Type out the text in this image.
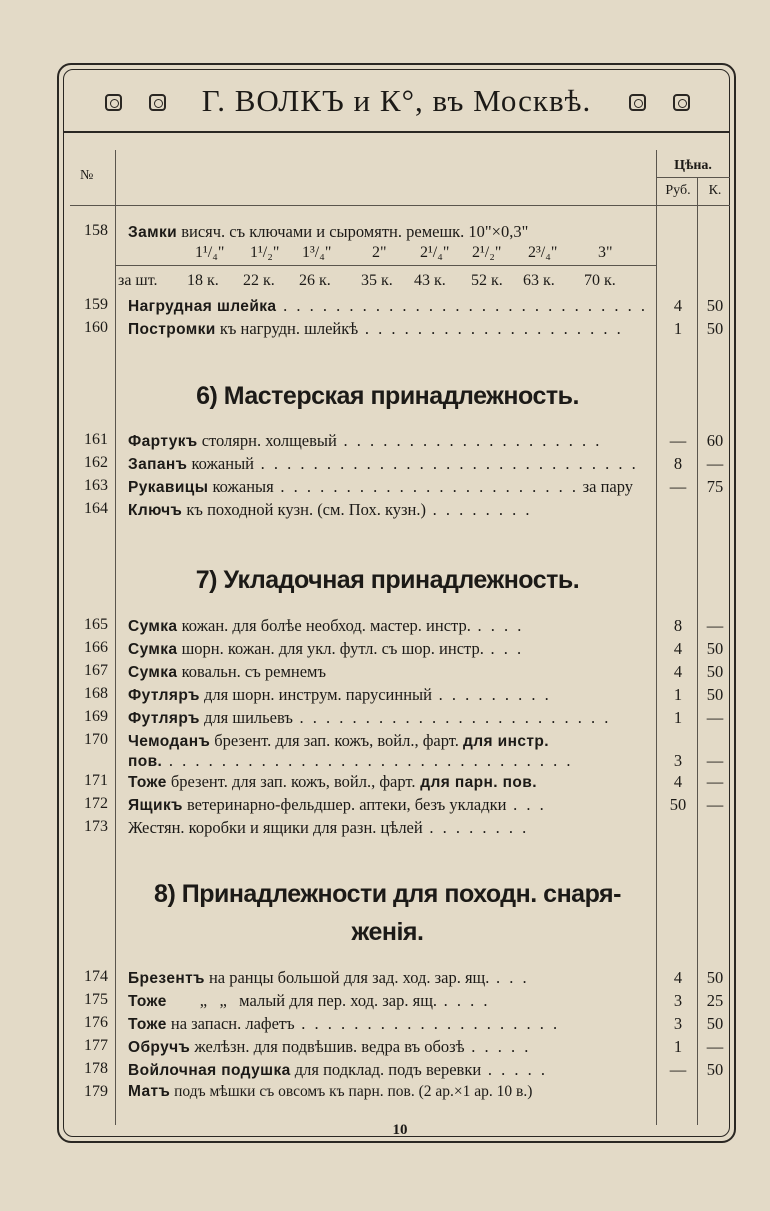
Г. ВОЛКЪ и К°, въ Москвѣ.
№
Цѣна.
Руб.	К.
158 Замки висяч. съ ключами и сыромятн. ремешк. 10"×0,3"
1¹/₄" 1¹/₂" 1³/₄"	2" 2¹/₄" 2¹/₂" 2³/₄"	3"
за шт. 18 к. 22 к. 26 к. 35 к. 43 к. 52 к. 63 к. 70 к.
159 Нагрудная шлейка . . . . . . . . . . . . . . . . . . . . . . . . . . . .	4	50
160 Постромки къ нагрудн. шлейкѣ . . . . . . . . . . . . . . . . . . . .	1	50
6) Мастерская принадлежность.
161 Фартукъ столярн. холщевый . . . . . . . . . . . . . . . . . . . .	—	60
162 Запанъ кожаный . . . . . . . . . . . . . . . . . . . . . . . . . . . . .	8	—
163 Рукавицы кожаныя . . . . . . . . . . . . . . . . . . . . . . . за пару	—	75
164 Ключъ къ походной кузн. (см. Пох. кузн.) . . . . . . . .
7) Укладочная принадлежность.
165 Сумка кожан. для болѣе необход. мастер. инстр. . . . .	8	—
166 Сумка шорн. кожан. для укл. футл. съ шор. инстр. . . .	4	50
167 Сумка ковальн. съ ремнемъ	4	50
168 Футляръ для шорн. инструм. парусинный . . . . . . . . .	1	50
169 Футляръ для шильевъ . . . . . . . . . . . . . . . . . . . . . . . .	1	—
170 Чемоданъ брезент. для зап. кожъ, войл., фарт. для инстр.
пов. . . . . . . . . . . . . . . . . . . . . . . . . . . . . . . .	3	—
171 Тоже брезент. для зап. кожъ, войл., фарт. для парн. пов.	4	—
172 Ящикъ ветеринарно-фельдшер. аптеки, безъ укладки . . .	50	—
173 Жестян. коробки и ящики для разн. цѣлей . . . . . . . .
8) Принадлежности для походн. снаря-
женія.
174 Брезентъ на ранцы большой для зад. ход. зар. ящ. . . .	4	50
175 Тоже        „   „   малый для пер. ход. зар. ящ. . . . .	3	25
176 Тоже на запасн. лафетъ . . . . . . . . . . . . . . . . . . . .	3	50
177 Обручъ желѣзн. для подвѣшив. ведра въ обозѣ . . . . .	1	—
178 Войлочная подушка для подклад. подъ веревки . . . . .	—	50
179 Матъ подъ мѣшки съ овсомъ къ парн. пов. (2 ар.×1 ар. 10 в.)
10
